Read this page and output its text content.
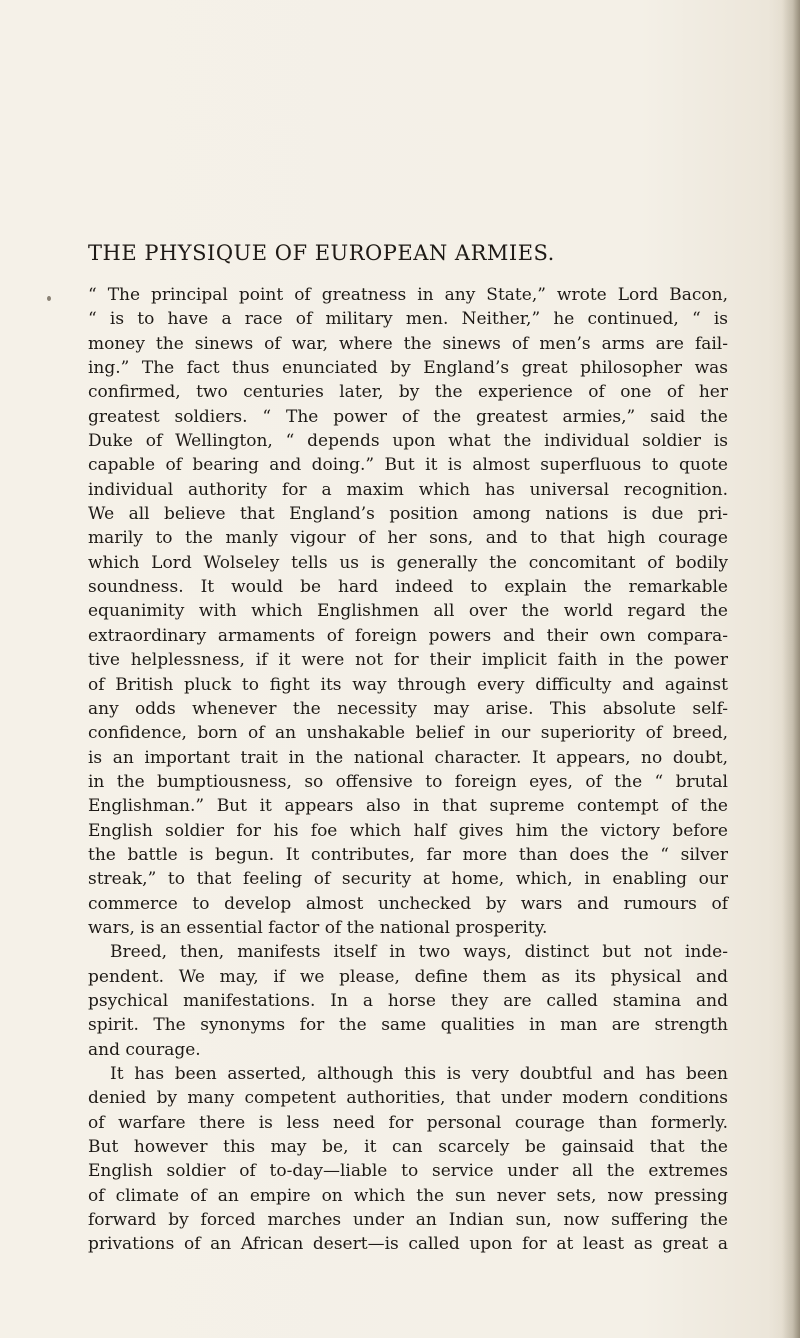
THE PHYSIQUE OF EUROPEAN ARMIES.
“ The principal point of greatness in any State,” wrote Lord Bacon,
“ is to have a race of military men. Neither,” he continued, “ is
money the sinews of war, where the sinews of men’s arms are fail-
ing.” The fact thus enunciated by England’s great philosopher was
confirmed, two centuries later, by the experience of one of her
greatest soldiers. “ The power of the greatest armies,” said the
Duke of Wellington, “ depends upon what the individual soldier is
capable of bearing and doing.” But it is almost superfluous to quote
individual authority for a maxim which has universal recognition.
We all believe that England’s position among nations is due pri-
marily to the manly vigour of her sons, and to that high courage
which Lord Wolseley tells us is generally the concomitant of bodily
soundness. It would be hard indeed to explain the remarkable
equanimity with which Englishmen all over the world regard the
extraordinary armaments of foreign powers and their own compara-
tive helplessness, if it were not for their implicit faith in the power
of British pluck to fight its way through every difficulty and against
any odds whenever the necessity may arise. This absolute self-
confidence, born of an unshakable belief in our superiority of breed,
is an important trait in the national character. It appears, no doubt,
in the bumptiousness, so offensive to foreign eyes, of the “ brutal
Englishman.” But it appears also in that supreme contempt of the
English soldier for his foe which half gives him the victory before
the battle is begun. It contributes, far more than does the “ silver
streak,” to that feeling of security at home, which, in enabling our
commerce to develop almost unchecked by wars and rumours of
wars, is an essential factor of the national prosperity.
Breed, then, manifests itself in two ways, distinct but not inde-
pendent. We may, if we please, define them as its physical and
psychical manifestations. In a horse they are called stamina and
spirit. The synonyms for the same qualities in man are strength
and courage.
It has been asserted, although this is very doubtful and has been
denied by many competent authorities, that under modern conditions
of warfare there is less need for personal courage than formerly.
But however this may be, it can scarcely be gainsaid that the
English soldier of to-day—liable to service under all the extremes
of climate of an empire on which the sun never sets, now pressing
forward by forced marches under an Indian sun, now suffering the
privations of an African desert—is called upon for at least as great a
